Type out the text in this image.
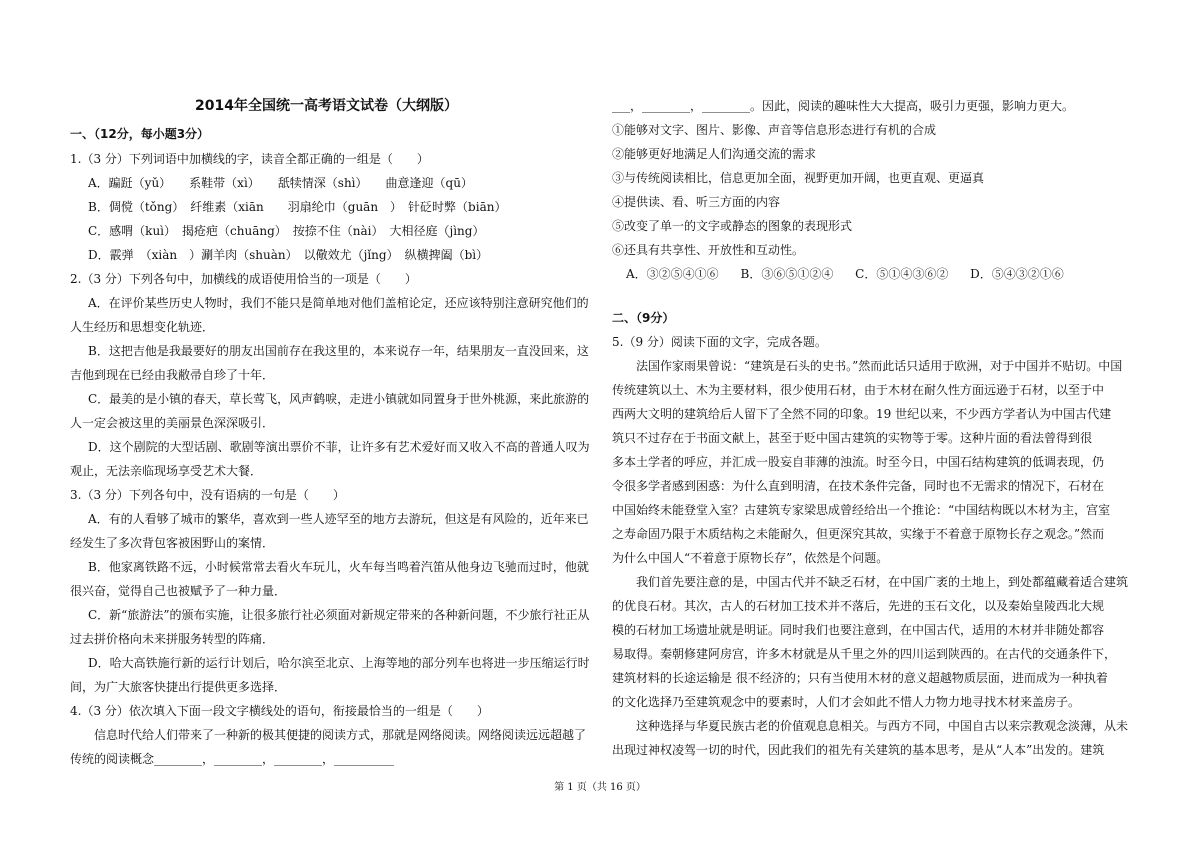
2014年全国统一高考语文试卷（大纲版）
一、（12分，每小题3分）
1.（3 分）下列词语中加横线的字，读音全都正确的一组是（　　）
A．蹁跹（yǔ）　　系鞋带（xì）　　舐犊情深（shì）　　曲意逢迎（qū）
B．倜傥（tǒng）　纤维素（xiān　　羽扇纶巾（guān　）　针砭时弊（biān）
C．感喟（kuì）　揭疮疤（chuāng）　按捺不住（nài）　大相径庭（jìng）
D．霰弹　（xiàn　）涮羊肉（shuàn）　以儆效尤（jǐng）　纵横捭阖（bì）
2.（3 分）下列各句中，加横线的成语使用恰当的一项是（　　）
A．在评价某些历史人物时，我们不能只是简单地对他们盖棺论定，还应该特别注意研究他们的
人生经历和思想变化轨迹．
B．这把吉他是我最要好的朋友出国前存在我这里的，本来说存一年，结果朋友一直没回来，这
吉他到现在已经由我敝帚自珍了十年．
C．最美的是小镇的春天，草长莺飞，风声鹤唳，走进小镇就如同置身于世外桃源，来此旅游的
人一定会被这里的美丽景色深深吸引．
D．这个剧院的大型话剧、歌剧等演出票价不菲，让许多有艺术爱好而又收入不高的普通人叹为
观止，无法亲临现场享受艺术大餐．
3.（3 分）下列各句中，没有语病的一句是（　　）
A．有的人看够了城市的繁华，喜欢到一些人迹罕至的地方去游玩，但这是有风险的，近年来已
经发生了多次背包客被困野山的案情．
B．他家离铁路不远，小时候常常去看火车玩儿，火车每当鸣着汽笛从他身边飞驰而过时，他就
很兴奋，觉得自己也被赋予了一种力量．
C．新“旅游法”的颁布实施，让很多旅行社必须面对新规定带来的各种新问题，不少旅行社正从
过去拼价格向未来拼服务转型的阵痛．
D．哈大高铁施行新的运行计划后，哈尔滨至北京、上海等地的部分列车也将进一步压缩运行时
间，为广大旅客快捷出行提供更多选择．
4.（3 分）依次填入下面一段文字横线处的语句，衔接最恰当的一组是（　　）
信息时代给人们带来了一种新的极其便捷的阅读方式，那就是网络阅读。网络阅读远远超越了
传统的阅读概念________，________，________，__________
___，________，________。因此，阅读的趣味性大大提高，吸引力更强，影响力更大。
①能够对文字、图片、影像、声音等信息形态进行有机的合成
②能够更好地满足人们沟通交流的需求
③与传统阅读相比，信息更加全面，视野更加开阔，也更直观、更逼真
④提供读、看、听三方面的内容
⑤改变了单一的文字或静态的图象的表现形式
⑥还具有共享性、开放性和互动性。
A．③②⑤④①⑥ B．③⑥⑤①②④ C．⑤①④③⑥② D．⑤④③②①⑥
二、（9分）
5.（9 分）阅读下面的文字，完成各题。
法国作家雨果曾说：“建筑是石头的史书。”然而此话只适用于欧洲，对于中国并不贴切。中国
传统建筑以土、木为主要材料，很少使用石材，由于木材在耐久性方面远逊于石材，以至于中
西两大文明的建筑给后人留下了全然不同的印象。19 世纪以来，不少西方学者认为中国古代建
筑只不过存在于书面文献上，甚至于贬中国古建筑的实物等于零。这种片面的看法曾得到很
多本土学者的呼应，并汇成一股妄自菲薄的浊流。时至今日，中国石结构建筑的低调表现，仍
令很多学者感到困惑：为什么直到明清，在技术条件完备，同时也不无需求的情况下，石材在
中国始终未能登堂入室？古建筑专家梁思成曾经给出一个推论：“中国结构既以木材为主，宫室
之寿命固乃限于木质结构之未能耐久，但更深究其故，实缘于不着意于原物长存之观念。”然而
为什么中国人“不着意于原物长存”，依然是个问题。
我们首先要注意的是，中国古代并不缺乏石材，在中国广袤的土地上，到处都蕴藏着适合建筑
的优良石材。其次，古人的石材加工技术并不落后，先进的玉石文化，以及秦始皇陵西北大规
模的石材加工场遗址就是明证。同时我们也要注意到，在中国古代，适用的木材并非随处都容
易取得。秦朝修建阿房宫，许多木材就是从千里之外的四川运到陕西的。在古代的交通条件下，
建筑材料的长途运输是 很不经济的；只有当使用木材的意义超越物质层面，进而成为一种执着
的文化选择乃至建筑观念中的要素时，人们才会如此不惜人力物力地寻找木材来盖房子。
这种选择与华夏民族古老的价值观息息相关。与西方不同，中国自古以来宗教观念淡薄，从未
出现过神权凌驾一切的时代，因此我们的祖先有关建筑的基本思考，是从“人本”出发的。建筑
第 1 页（共 16 页）
